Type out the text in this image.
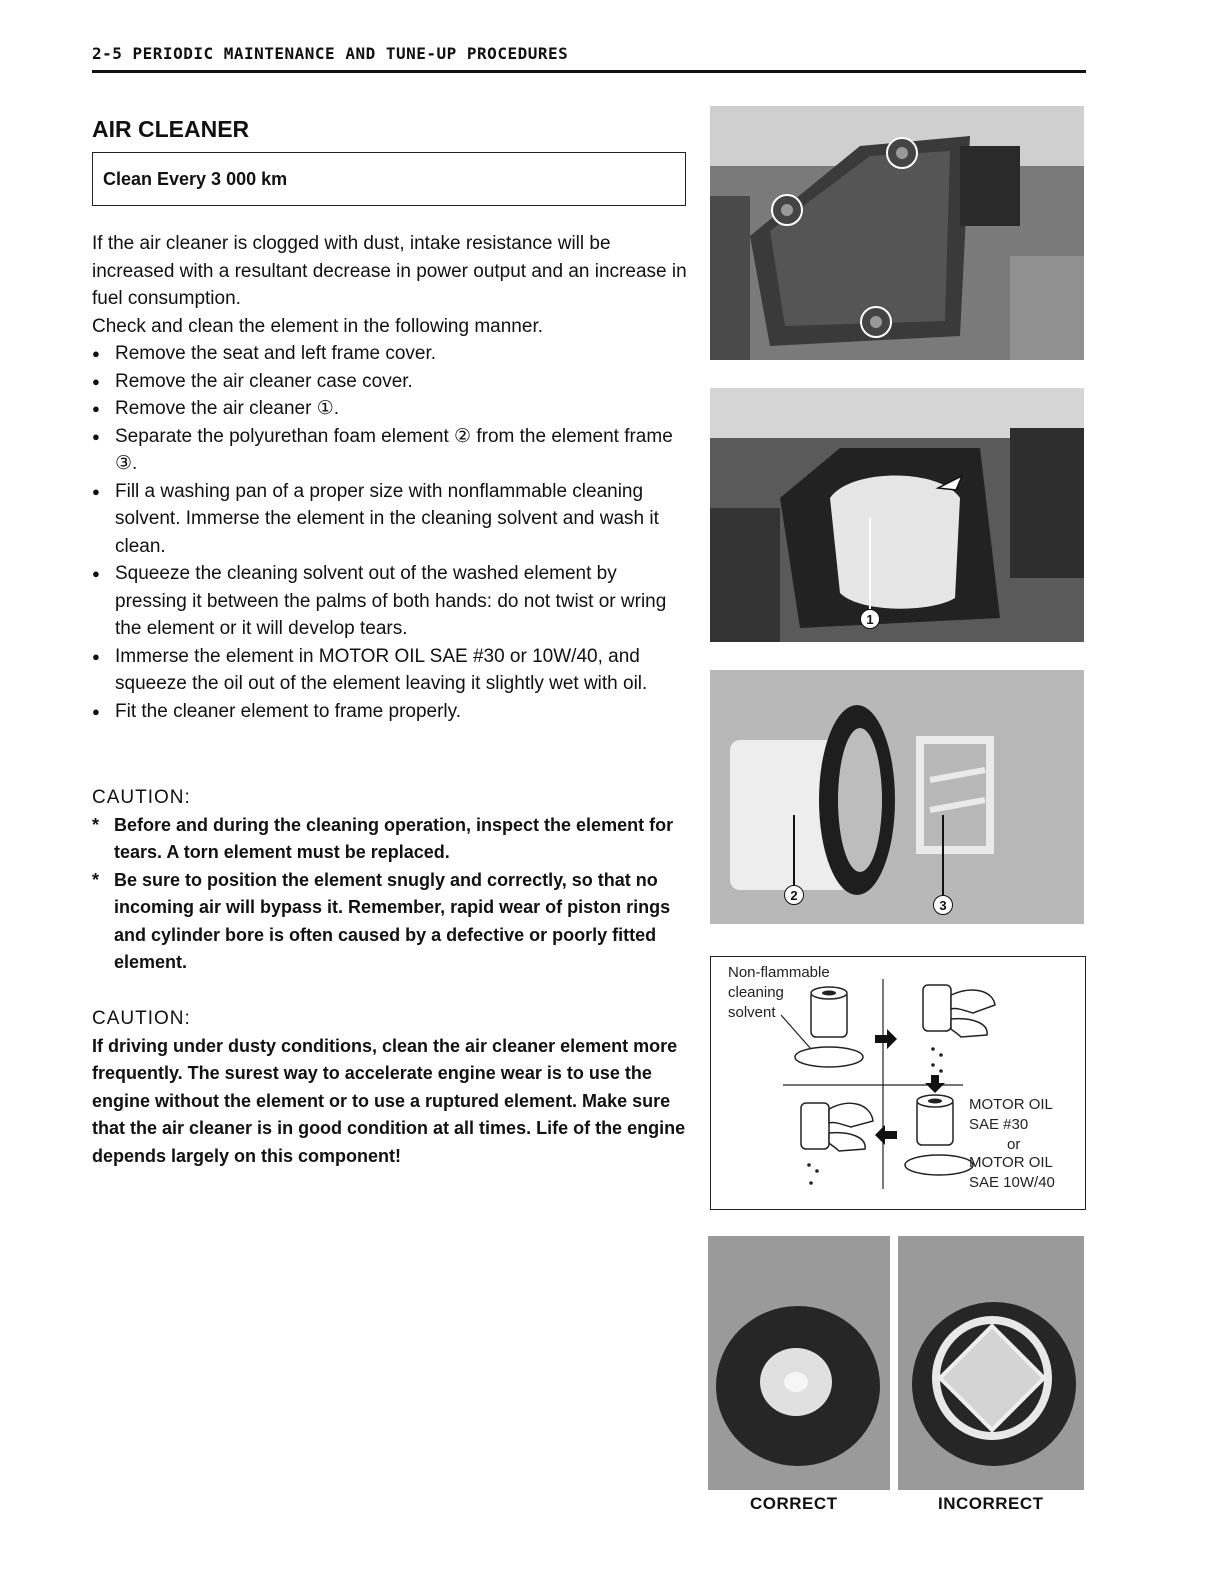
2-5 PERIODIC MAINTENANCE AND TUNE-UP PROCEDURES
AIR CLEANER
Clean Every 3 000 km

If the air cleaner is clogged with dust, intake resistance will be increased with a resultant decrease in power output and an increase in fuel consumption.

Check and clean the element in the following manner.

● Remove the seat and left frame cover.
● Remove the air cleaner case cover.
● Remove the air cleaner ①.
● Separate the polyurethan foam element ② from the element frame ③.
● Fill a washing pan of a proper size with nonflammable cleaning solvent. Immerse the element in the cleaning solvent and wash it clean.
● Squeeze the cleaning solvent out of the washed element by pressing it between the palms of both hands: do not twist or wring the element or it will develop tears.
● Immerse the element in MOTOR OIL SAE #30 or 10W/40, and squeeze the oil out of the element leaving it slightly wet with oil.
● Fit the cleaner element to frame properly.

CAUTION:

* Before and during the cleaning operation, inspect the element for tears. A torn element must be replaced.
* Be sure to position the element snugly and correctly, so that no incoming air will bypass it. Remember, rapid wear of piston rings and cylinder bore is often caused by a defective or poorly fitted element.

CAUTION:

If driving under dusty conditions, clean the air cleaner element more frequently. The surest way to accelerate engine wear is to use the engine without the element or to use a ruptured element. Make sure that the air cleaner is in good condition at all times. Life of the engine depends largely on this component!

1
2
3
Non-flammable
cleaning
solvent
MOTOR OIL
SAE #30
or
MOTOR OIL
SAE 10W/40
CORRECT	INCORRECT
